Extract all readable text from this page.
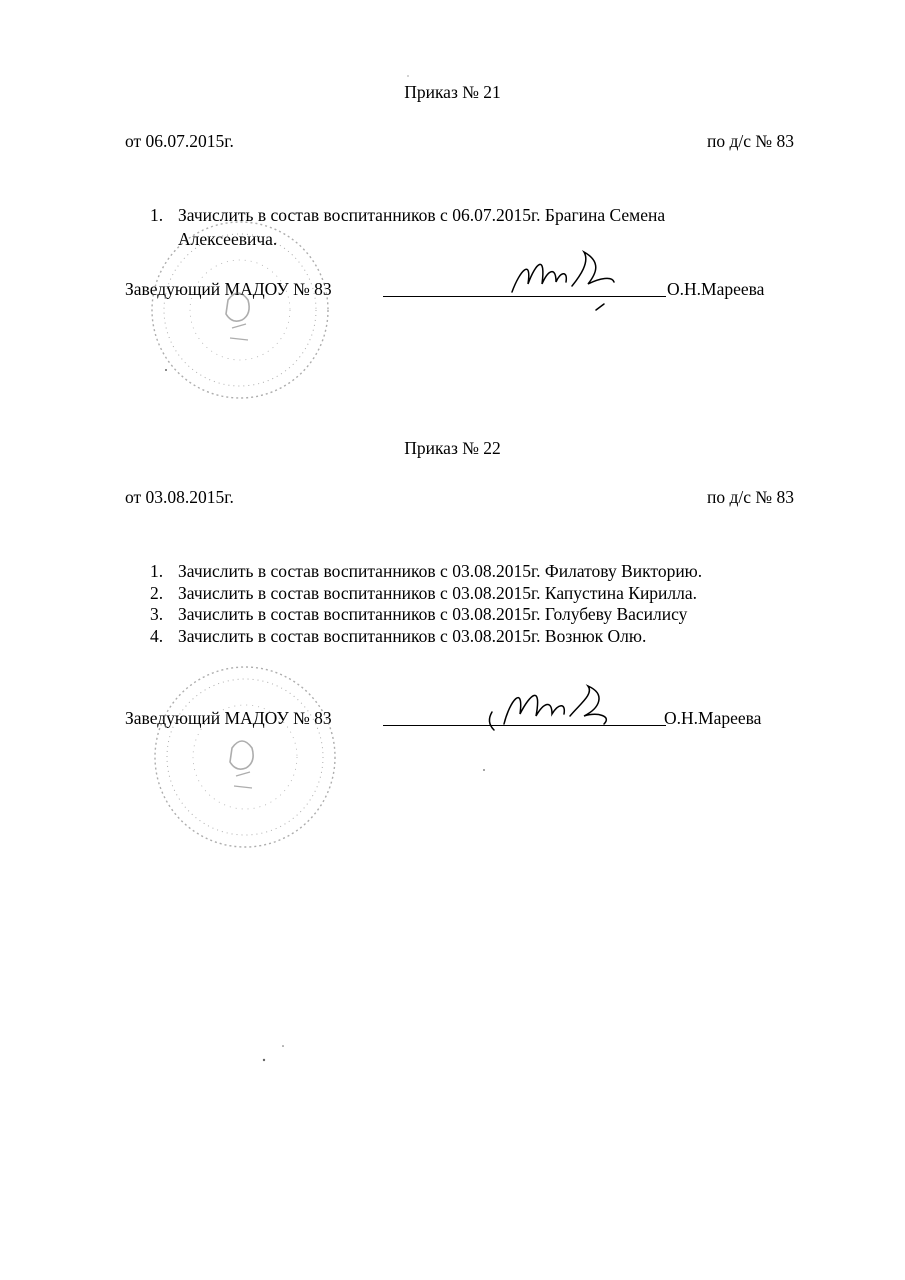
Приказ № 21
от 06.07.2015г.	по д/с № 83
1. Зачислить в состав воспитанников с 06.07.2015г. Брагина Семена
Алексеевича.
Заведующий МАДОУ № 83	О.Н.Мареева
Приказ № 22
от 03.08.2015г.	по д/с № 83
1. Зачислить в состав воспитанников с 03.08.2015г. Филатову Викторию.
2. Зачислить в состав воспитанников с 03.08.2015г. Капустина Кирилла.
3. Зачислить в состав воспитанников с 03.08.2015г. Голубеву Василису
4. Зачислить в состав воспитанников с 03.08.2015г. Вознюк Олю.
Заведующий МАДОУ № 83	О.Н.Мареева
